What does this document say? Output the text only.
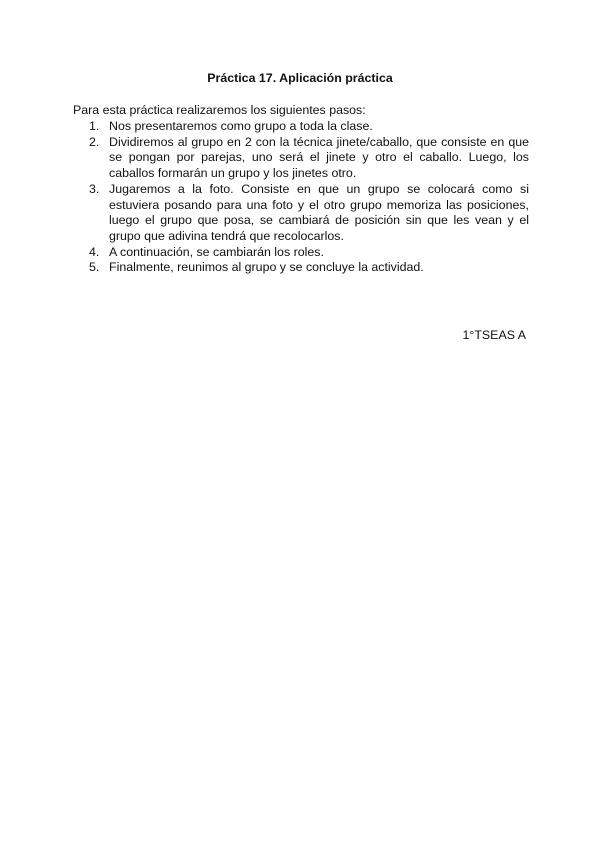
Práctica 17. Aplicación práctica
Para esta práctica realizaremos los siguientes pasos:
1. Nos presentaremos como grupo a toda la clase.
2. Dividiremos al grupo en 2 con la técnica jinete/caballo, que consiste en que se pongan por parejas, uno será el jinete y otro el caballo. Luego, los caballos formarán un grupo y los jinetes otro.
3. Jugaremos a la foto. Consiste en que un grupo se colocará como si estuviera posando para una foto y el otro grupo memoriza las posiciones, luego el grupo que posa, se cambiará de posición sin que les vean y el grupo que adivina tendrá que recolocarlos.
4. A continuación, se cambiarán los roles.
5. Finalmente, reunimos al grupo y se concluye la actividad.
1°TSEAS A
